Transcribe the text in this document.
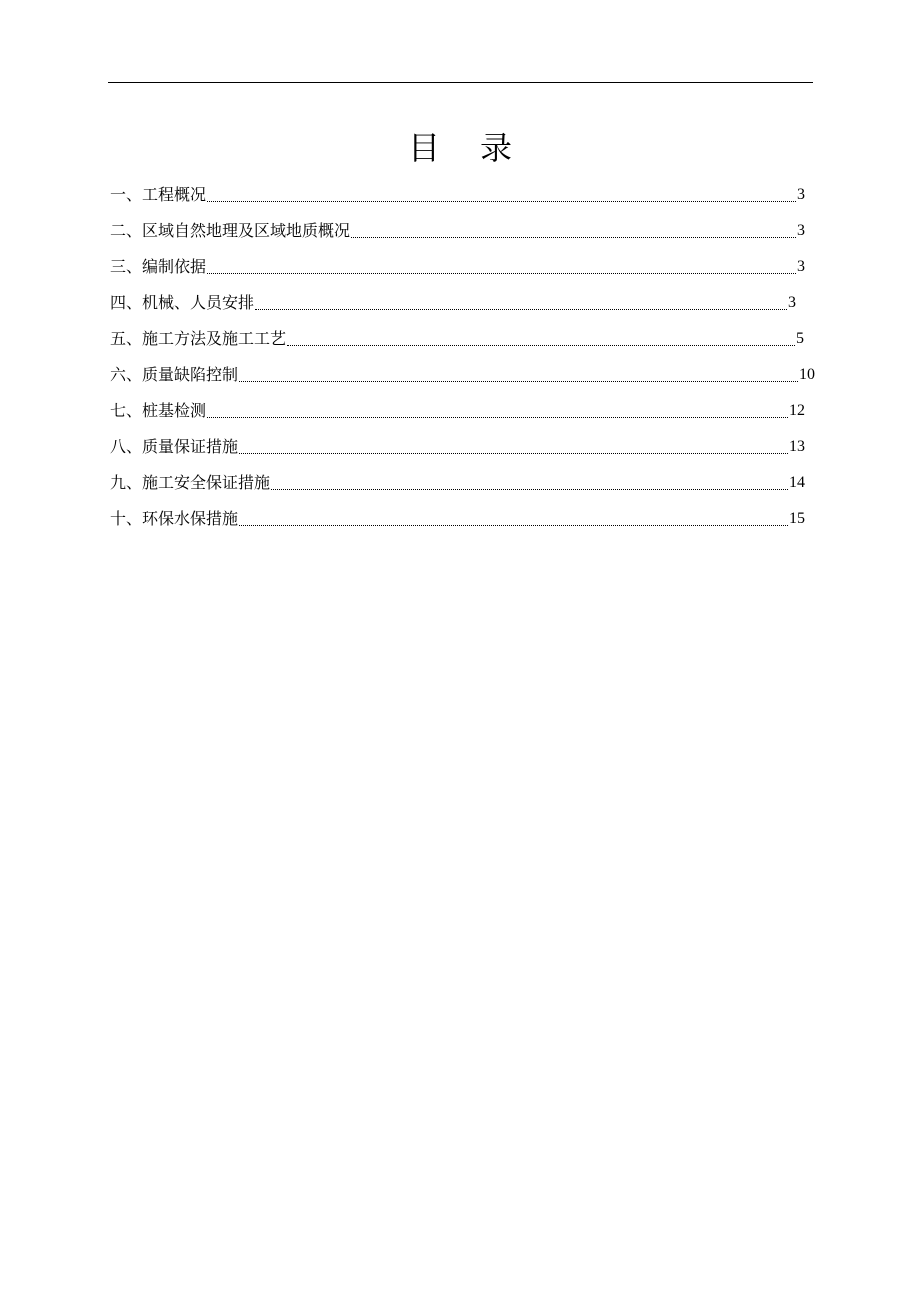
目 录
一、工程概况	3
二、区域自然地理及区域地质概况	3
三、编制依据	3
四、机械、人员安排	3
五、施工方法及施工工艺	5
六、质量缺陷控制	10
七、桩基检测	12
八、质量保证措施	13
九、施工安全保证措施	14
十、环保水保措施	15
